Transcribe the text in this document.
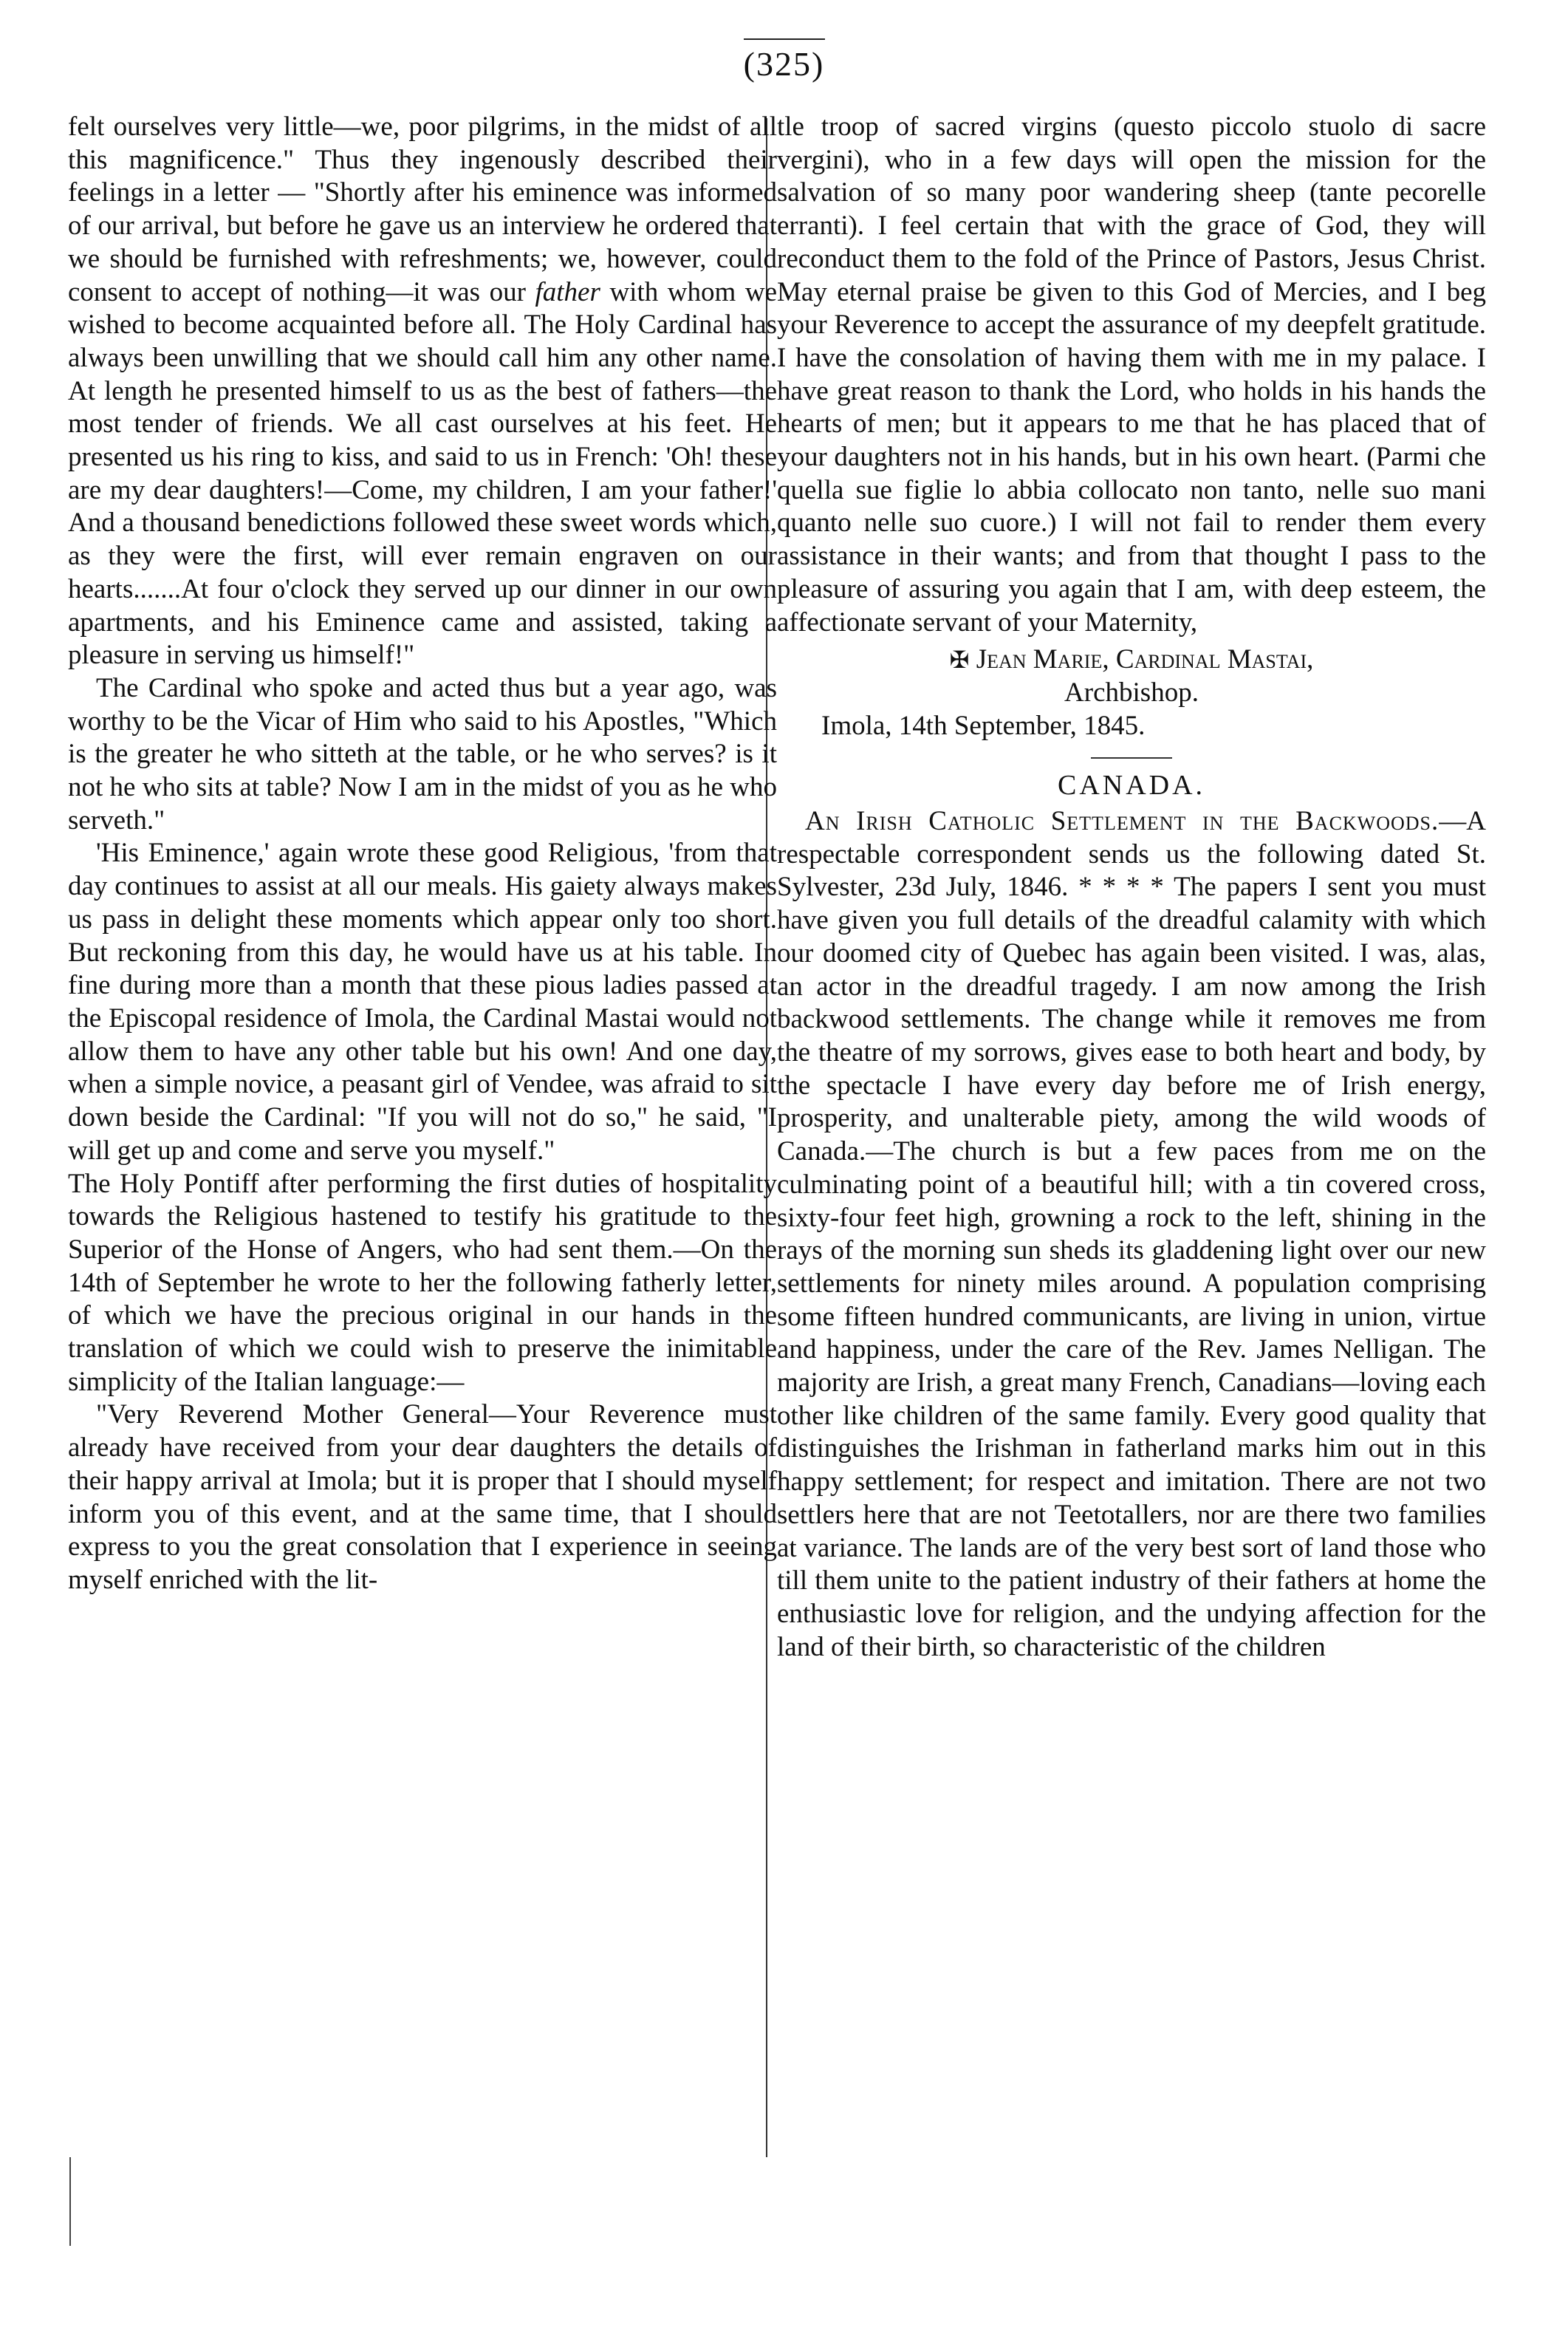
(325)

felt ourselves very little—we, poor pilgrims, in the midst of all this magnificence." Thus they ingenously described their feelings in a letter — "Shortly after his eminence was informed of our arrival, but before he gave us an interview he ordered that we should be furnished with refreshments; we, however, could consent to accept of nothing—it was our father with whom we wished to become acquainted before all. The Holy Cardinal has always been unwilling that we should call him any other name. At length he presented himself to us as the best of fathers—the most tender of friends. We all cast ourselves at his feet. He presented us his ring to kiss, and said to us in French: 'Oh! these are my dear daughters!—Come, my children, I am your father!' And a thousand benedictions followed these sweet words which, as they were the first, will ever remain engraven on our hearts.......At four o'clock they served up our dinner in our own apartments, and his Eminence came and assisted, taking a pleasure in serving us himself!"

The Cardinal who spoke and acted thus but a year ago, was worthy to be the Vicar of Him who said to his Apostles, "Which is the greater he who sitteth at the table, or he who serves? is it not he who sits at table? Now I am in the midst of you as he who serveth."

'His Eminence,' again wrote these good Religious, 'from that day continues to assist at all our meals. His gaiety always makes us pass in delight these moments which appear only too short. But reckoning from this day, he would have us at his table. In fine during more than a month that these pious ladies passed at the Episcopal residence of Imola, the Cardinal Mastai would not allow them to have any other table but his own! And one day, when a simple novice, a peasant girl of Vendee, was afraid to sit down beside the Cardinal: "If you will not do so," he said, "I will get up and come and serve you myself."

The Holy Pontiff after performing the first duties of hospitality towards the Religious hastened to testify his gratitude to the Superior of the Honse of Angers, who had sent them.—On the 14th of September he wrote to her the following fatherly letter, of which we have the precious original in our hands in the translation of which we could wish to preserve the inimitable simplicity of the Italian language:—

"Very Reverend Mother General—Your Reverence must already have received from your dear daughters the details of their happy arrival at Imola; but it is proper that I should myself inform you of this event, and at the same time, that I should express to you the great consolation that I experience in seeing myself enriched with the lit-

tle troop of sacred virgins (questo piccolo stuolo di sacre vergini), who in a few days will open the mission for the salvation of so many poor wandering sheep (tante pecorelle erranti). I feel certain that with the grace of God, they will reconduct them to the fold of the Prince of Pastors, Jesus Christ. May eternal praise be given to this God of Mercies, and I beg your Reverence to accept the assurance of my deepfelt gratitude. I have the consolation of having them with me in my palace. I have great reason to thank the Lord, who holds in his hands the hearts of men; but it appears to me that he has placed that of your daughters not in his hands, but in his own heart. (Parmi che quella sue figlie lo abbia collocato non tanto, nelle suo mani quanto nelle suo cuore.) I will not fail to render them every assistance in their wants; and from that thought I pass to the pleasure of assuring you again that I am, with deep esteem, the affectionate servant of your Maternity,

✠ Jean Marie, Cardinal Mastai,

Archbishop.

Imola, 14th September, 1845.

CANADA.

An Irish Catholic Settlement in the Backwoods.—A respectable correspondent sends us the following dated St. Sylvester, 23d July, 1846. * * * * The papers I sent you must have given you full details of the dreadful calamity with which our doomed city of Quebec has again been visited. I was, alas, an actor in the dreadful tragedy. I am now among the Irish backwood settlements. The change while it removes me from the theatre of my sorrows, gives ease to both heart and body, by the spectacle I have every day before me of Irish energy, prosperity, and unalterable piety, among the wild woods of Canada.—The church is but a few paces from me on the culminating point of a beautiful hill; with a tin covered cross, sixty-four feet high, growning a rock to the left, shining in the rays of the morning sun sheds its gladdening light over our new settlements for ninety miles around. A population comprising some fifteen hundred communicants, are living in union, virtue and happiness, under the care of the Rev. James Nelligan. The majority are Irish, a great many French, Canadians—loving each other like children of the same family. Every good quality that distinguishes the Irishman in fatherland marks him out in this happy settlement; for respect and imitation. There are not two settlers here that are not Teetotallers, nor are there two families at variance. The lands are of the very best sort of land those who till them unite to the patient industry of their fathers at home the enthusiastic love for religion, and the undying affection for the land of their birth, so characteristic of the children
